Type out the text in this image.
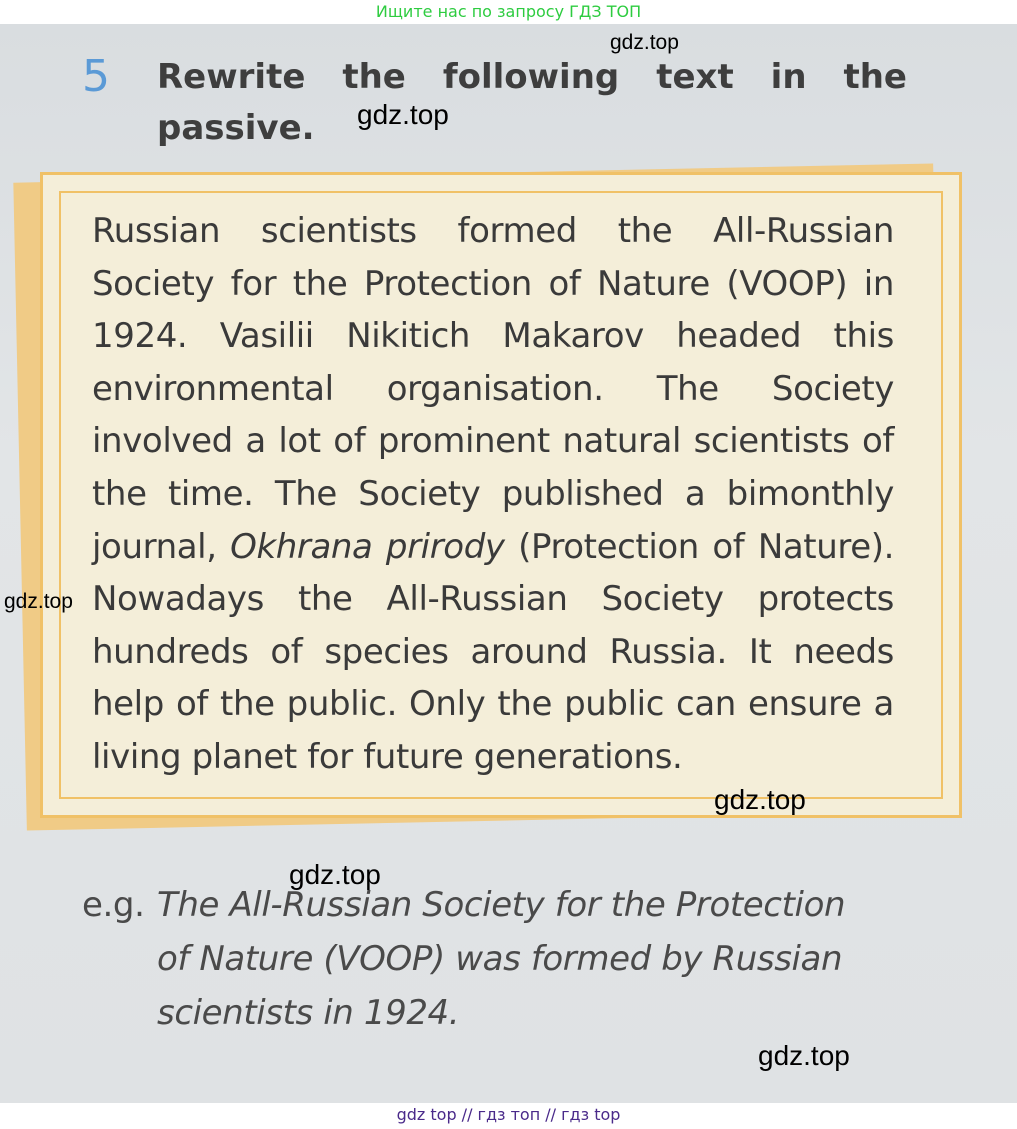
Ищите нас по запросу ГДЗ ТОП
5 Rewrite the following text in the passive.
Russian scientists formed the All-Russian Society for the Protection of Nature (VOOP) in 1924. Vasilii Nikitich Makarov headed this environmental organisation. The Society involved a lot of prominent natural scientists of the time. The Society published a bimonthly journal, Okhrana prirody (Protection of Nature). Nowadays the All-Russian Society protects hundreds of species around Russia. It needs help of the public. Only the public can ensure a living planet for future generations.
e.g. The All-Russian Society for the Protection
of Nature (VOOP) was formed by Russian scientists in 1924.
gdz.top
gdz.top
gdz.top
gdz.top
gdz.top
gdz.top
gdz top // гдз топ // гдз top
